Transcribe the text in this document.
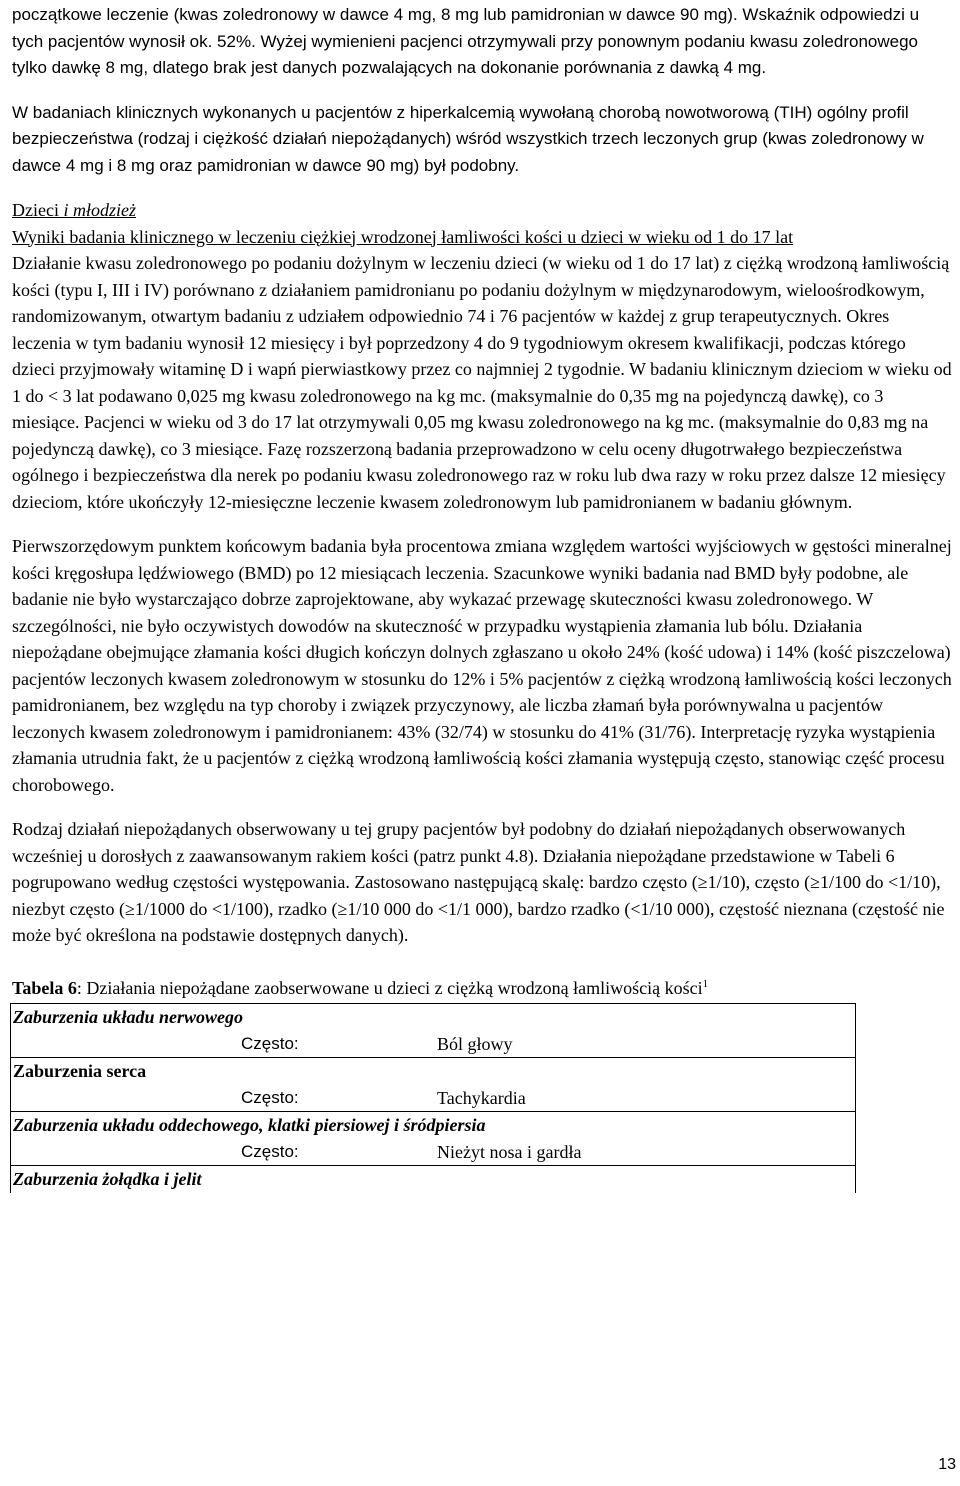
początkowe leczenie (kwas zoledronowy w dawce 4 mg, 8 mg lub pamidronian w dawce 90 mg). Wskaźnik odpowiedzi u tych pacjentów wynosił ok. 52%. Wyżej wymienieni pacjenci otrzymywali przy ponownym podaniu kwasu zoledronowego tylko dawkę 8 mg, dlatego brak jest danych pozwalających na dokonanie porównania z dawką 4 mg.

W badaniach klinicznych wykonanych u pacjentów z hiperkalcemią wywołaną chorobą nowotworową (TIH) ogólny profil bezpieczeństwa (rodzaj i ciężkość działań niepożądanych) wśród wszystkich trzech leczonych grup (kwas zoledronowy w dawce 4 mg i 8 mg oraz pamidronian w dawce 90 mg) był podobny.

Dzieci i młodzież

Wyniki badania klinicznego w leczeniu ciężkiej wrodzonej łamliwości kości u dzieci w wieku od 1 do 17 lat

Działanie kwasu zoledronowego po podaniu dożylnym w leczeniu dzieci (w wieku od 1 do 17 lat) z ciężką wrodzoną łamliwością kości (typu I, III i IV) porównano z działaniem pamidronianu po podaniu dożylnym w międzynarodowym, wieloośrodkowym, randomizowanym, otwartym badaniu z udziałem odpowiednio 74 i 76 pacjentów w każdej z grup terapeutycznych. Okres leczenia w tym badaniu wynosił 12 miesięcy i był poprzedzony 4 do 9 tygodniowym okresem kwalifikacji, podczas którego dzieci przyjmowały witaminę D i wapń pierwiastkowy przez co najmniej 2 tygodnie. W badaniu klinicznym dzieciom w wieku od 1 do < 3 lat podawano 0,025 mg kwasu zoledronowego na kg mc. (maksymalnie do 0,35 mg na pojedynczą dawkę), co 3 miesiące. Pacjenci w wieku od 3 do 17 lat otrzymywali 0,05 mg kwasu zoledronowego na kg mc. (maksymalnie do 0,83 mg na pojedynczą dawkę), co 3 miesiące. Fazę rozszerzoną badania przeprowadzono w celu oceny długotrwałego bezpieczeństwa ogólnego i bezpieczeństwa dla nerek po podaniu kwasu zoledronowego raz w roku lub dwa razy w roku przez dalsze 12 miesięcy dzieciom, które ukończyły 12-miesięczne leczenie kwasem zoledronowym lub pamidronianem w badaniu głównym.

Pierwszorzędowym punktem końcowym badania była procentowa zmiana względem wartości wyjściowych w gęstości mineralnej kości kręgosłupa lędźwiowego (BMD) po 12 miesiącach leczenia. Szacunkowe wyniki badania nad BMD były podobne, ale badanie nie było wystarczająco dobrze zaprojektowane, aby wykazać przewagę skuteczności kwasu zoledronowego. W szczególności, nie było oczywistych dowodów na skuteczność w przypadku wystąpienia złamania lub bólu. Działania niepożądane obejmujące złamania kości długich kończyn dolnych zgłaszano u około 24% (kość udowa) i 14% (kość piszczelowa) pacjentów leczonych kwasem zoledronowym w stosunku do 12% i 5% pacjentów z ciężką wrodzoną łamliwością kości leczonych pamidronianem, bez względu na typ choroby i związek przyczynowy, ale liczba złamań była porównywalna u pacjentów leczonych kwasem zoledronowym i pamidronianem: 43% (32/74) w stosunku do 41% (31/76). Interpretację ryzyka wystąpienia złamania utrudnia fakt, że u pacjentów z ciężką wrodzoną łamliwością kości złamania występują często, stanowiąc część procesu chorobowego.

Rodzaj działań niepożądanych obserwowany u tej grupy pacjentów był podobny do działań niepożądanych obserwowanych wcześniej u dorosłych z zaawansowanym rakiem kości (patrz punkt 4.8). Działania niepożądane przedstawione w Tabeli 6 pogrupowano według częstości występowania. Zastosowano następującą skalę: bardzo często (≥1/10), często (≥1/100 do <1/10), niezbyt często (≥1/1000 do <1/100), rzadko (≥1/10 000 do <1/1 000), bardzo rzadko (<1/10 000), częstość nieznana (częstość nie może być określona na podstawie dostępnych danych).

Tabela 6: Działania niepożądane zaobserwowane u dzieci z ciężką wrodzoną łamliwością kości$^1$

Zaburzenia układu nerwowego
Często:	Ból głowy

Zaburzenia serca
Często:	Tachykardia

Zaburzenia układu oddechowego, klatki piersiowej i śródpiersia
Często:	Nieżyt nosa i gardła

Zaburzenia żołądka i jelit
13
